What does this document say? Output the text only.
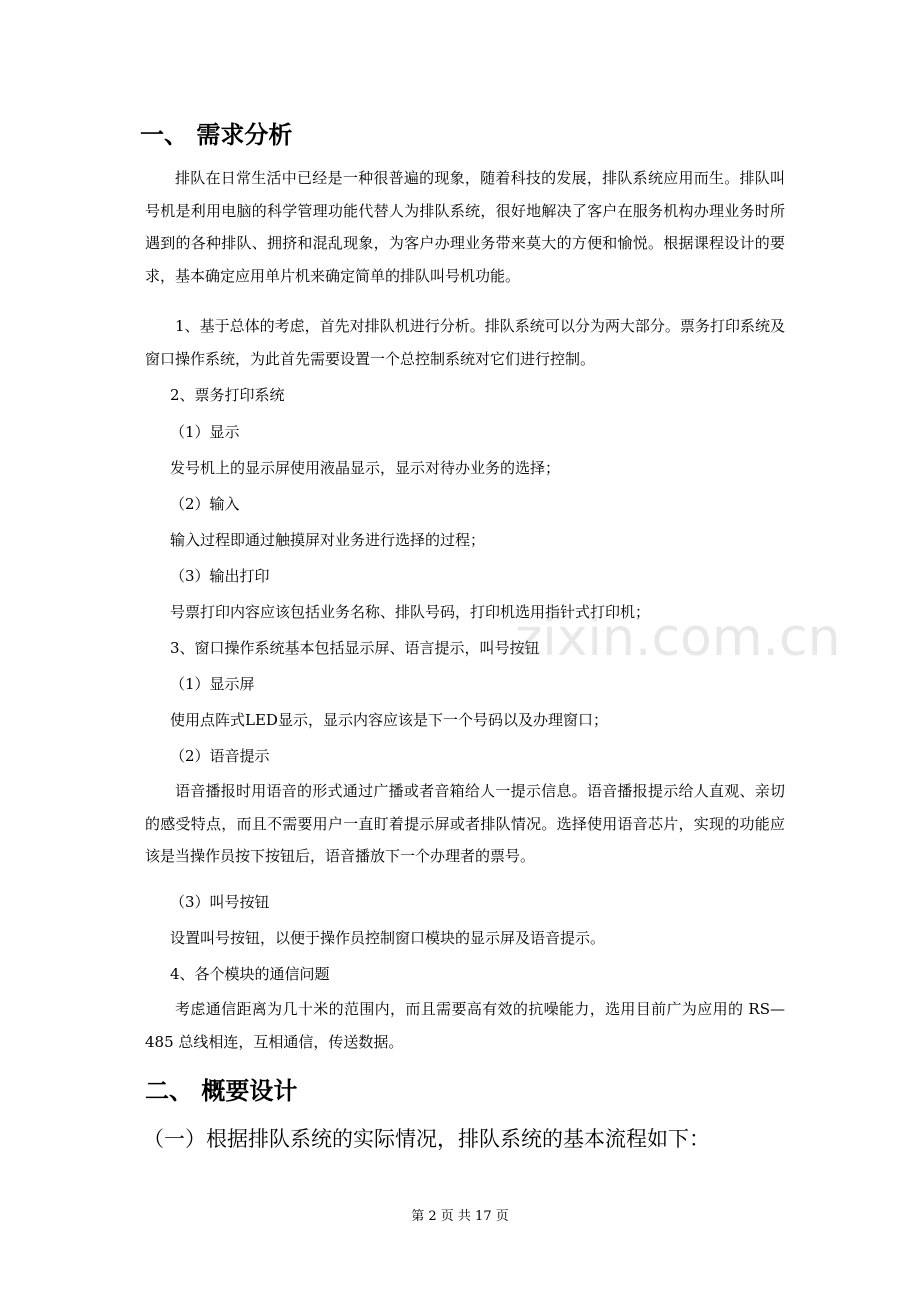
一、 需求分析

排队在日常生活中已经是一种很普遍的现象，随着科技的发展，排队系统应用而生。排队叫号机是利用电脑的科学管理功能代替人为排队系统，很好地解决了客户在服务机构办理业务时所遇到的各种排队、拥挤和混乱现象，为客户办理业务带来莫大的方便和愉悦。根据课程设计的要求，基本确定应用单片机来确定简单的排队叫号机功能。

1、基于总体的考虑，首先对排队机进行分析。排队系统可以分为两大部分。票务打印系统及窗口操作系统，为此首先需要设置一个总控制系统对它们进行控制。

2、票务打印系统

（1）显示

发号机上的显示屏使用液晶显示，显示对待办业务的选择；

（2）输入

输入过程即通过触摸屏对业务进行选择的过程；

（3）输出打印

号票打印内容应该包括业务名称、排队号码，打印机选用指针式打印机；

3、窗口操作系统基本包括显示屏、语言提示，叫号按钮

（1）显示屏

使用点阵式LED显示，显示内容应该是下一个号码以及办理窗口；

（2）语音提示

语音播报时用语音的形式通过广播或者音箱给人一提示信息。语音播报提示给人直观、亲切的感受特点，而且不需要用户一直盯着提示屏或者排队情况。选择使用语音芯片，实现的功能应该是当操作员按下按钮后，语音播放下一个办理者的票号。

（3）叫号按钮

设置叫号按钮，以便于操作员控制窗口模块的显示屏及语音提示。

4、各个模块的通信问题

考虑通信距离为几十米的范围内，而且需要高有效的抗噪能力，选用目前广为应用的 RS—485 总线相连，互相通信，传送数据。

二、 概要设计
（一）根据排队系统的实际情况，排队系统的基本流程如下：
zixin.com.cn
第 2 页 共 17 页
